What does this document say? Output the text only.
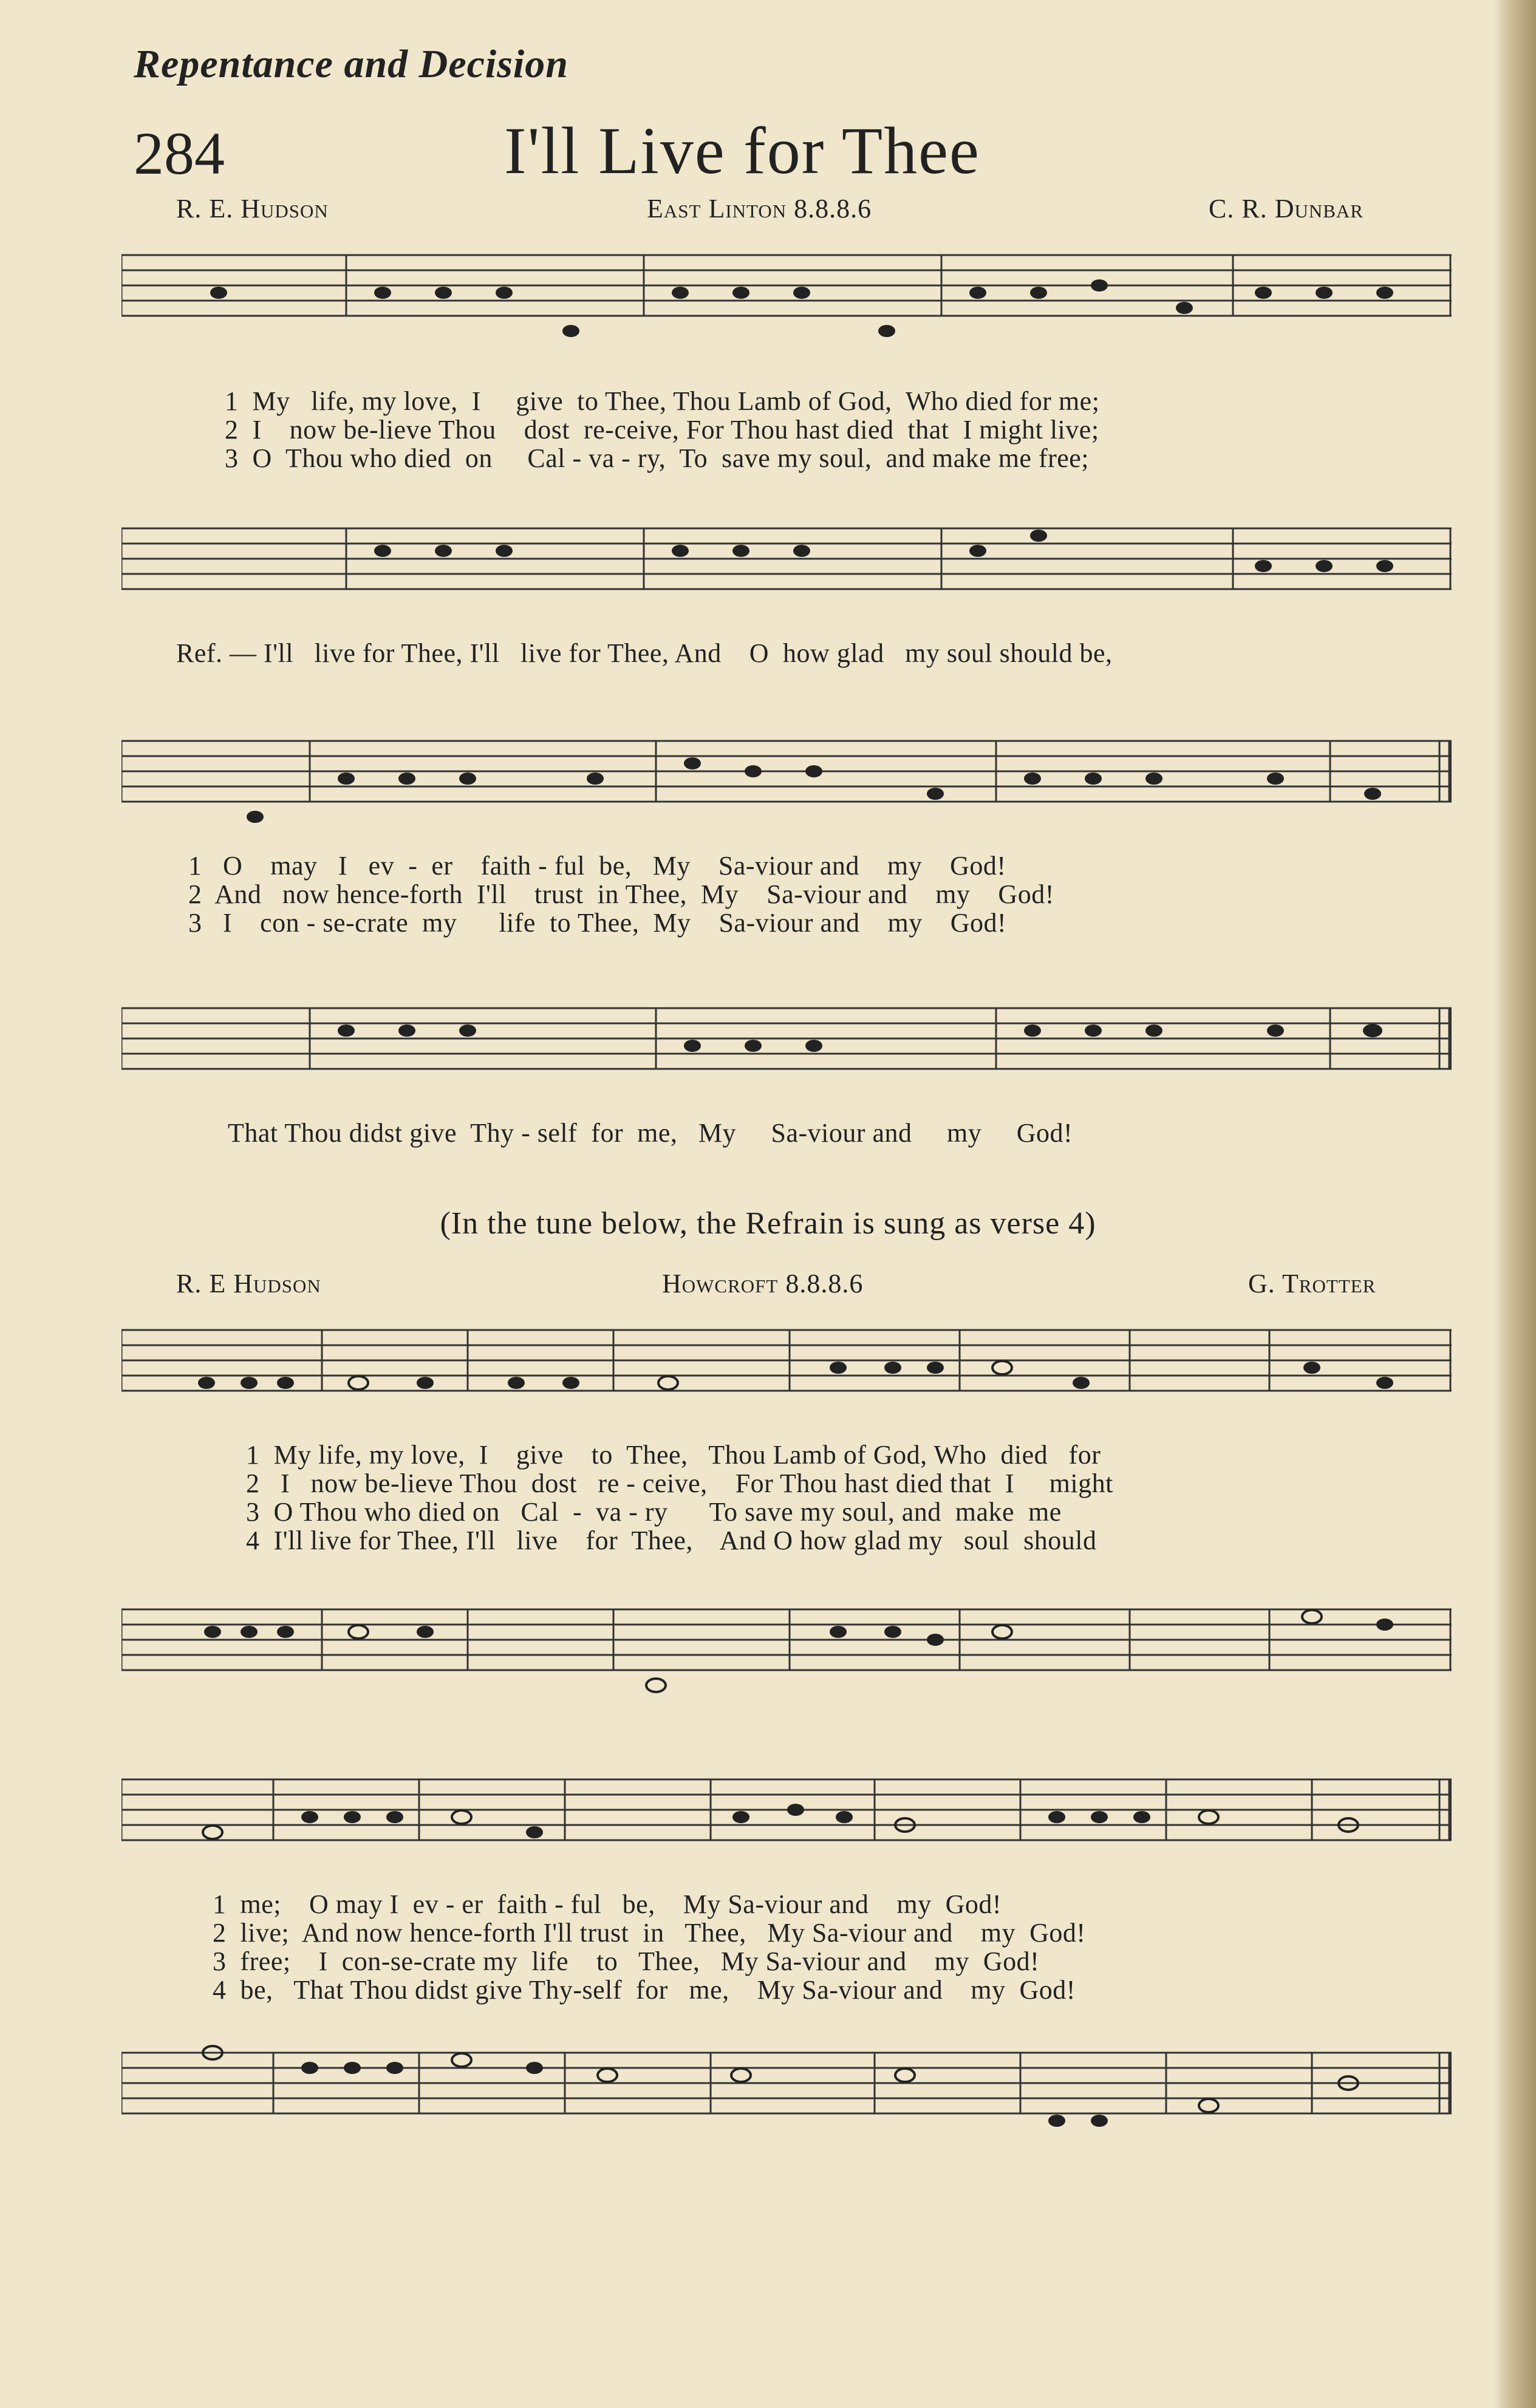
Repentance and Decision
284	I'll Live for Thee
R. E. Hudson	East Linton 8.8.8.6	C. R. Dunbar
1  My   life, my love,  I     give  to Thee, Thou Lamb of God,  Who died for me;
2  I    now be-lieve Thou    dost  re-ceive, For Thou hast died  that  I might live;
3  O  Thou who died  on     Cal - va - ry,  To  save my soul,  and make me free;
Ref. — I'll   live for Thee, I'll   live for Thee, And    O  how glad   my soul should be,
1   O    may   I   ev  -  er    faith - ful  be,   My    Sa-viour and    my    God!
2  And   now hence-forth  I'll    trust  in Thee,  My    Sa-viour and    my    God!
3   I    con - se-crate  my      life  to Thee,  My    Sa-viour and    my    God!
That Thou didst give  Thy - self  for  me,   My     Sa-viour and     my     God!
(In the tune below, the Refrain is sung as verse 4)
R. E Hudson	Howcroft 8.8.8.6	G. Trotter
1  My life, my love,  I    give    to  Thee,   Thou Lamb of God, Who  died   for
2   I   now be-lieve Thou  dost   re - ceive,    For Thou hast died that  I     might
3  O Thou who died on   Cal  -  va - ry      To save my soul, and  make  me
4  I'll live for Thee, I'll   live    for  Thee,    And O how glad my   soul  should
1  me;    O may I  ev - er  faith - ful   be,    My Sa-viour and    my  God!
2  live;  And now hence-forth I'll trust  in   Thee,   My Sa-viour and    my  God!
3  free;    I  con-se-crate my  life    to   Thee,   My Sa-viour and    my  God!
4  be,   That Thou didst give Thy-self  for   me,    My Sa-viour and    my  God!
